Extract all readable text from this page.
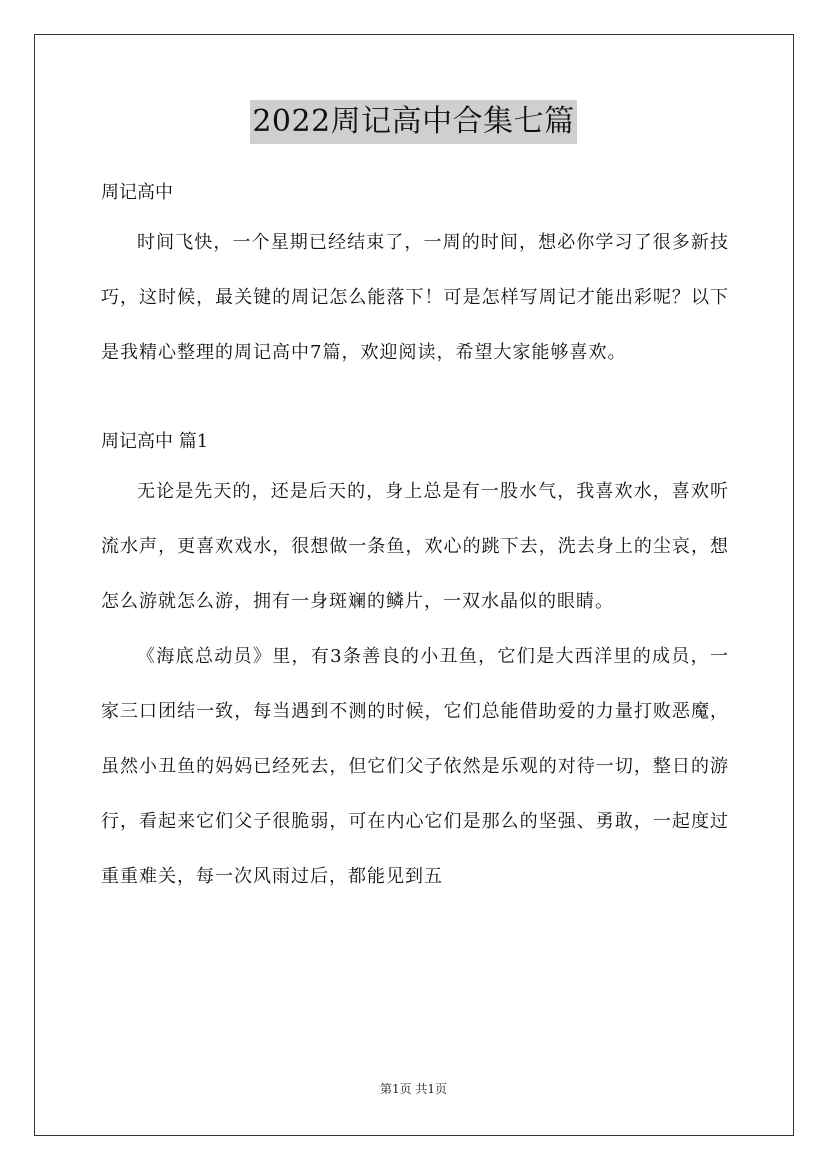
2022周记高中合集七篇

周记高中

时间飞快，一个星期已经结束了，一周的时间，想必你学习了很多新技巧，这时候，最关键的周记怎么能落下！可是怎样写周记才能出彩呢？以下是我精心整理的周记高中7篇，欢迎阅读，希望大家能够喜欢。

周记高中 篇1

无论是先天的，还是后天的，身上总是有一股水气，我喜欢水，喜欢听流水声，更喜欢戏水，很想做一条鱼，欢心的跳下去，洗去身上的尘哀，想怎么游就怎么游，拥有一身斑斓的鳞片，一双水晶似的眼睛。

《海底总动员》里，有3条善良的小丑鱼，它们是大西洋里的成员，一家三口团结一致，每当遇到不测的时候，它们总能借助爱的力量打败恶魔，虽然小丑鱼的妈妈已经死去，但它们父子依然是乐观的对待一切，整日的游行，看起来它们父子很脆弱，可在内心它们是那么的坚强、勇敢，一起度过重重难关，每一次风雨过后，都能见到五

第1页 共1页
